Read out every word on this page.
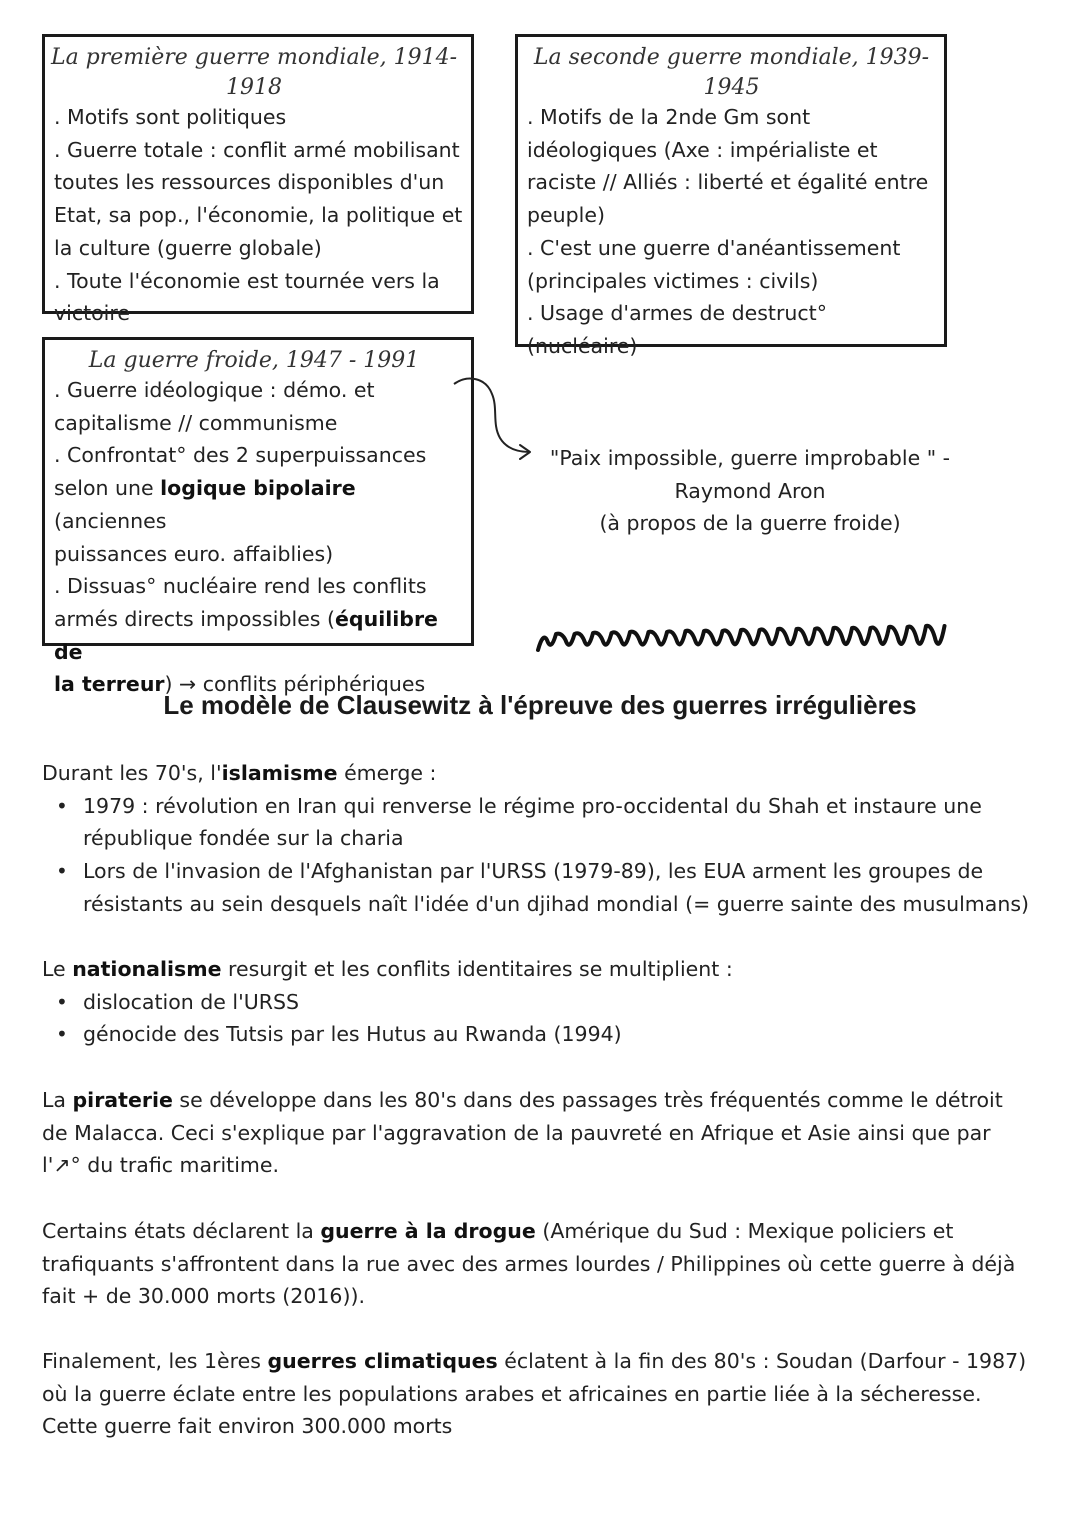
La première guerre mondiale, 1914-1918
. Motifs sont politiques
. Guerre totale : conflit armé mobilisant
toutes les ressources disponibles d'un
Etat, sa pop., l'économie, la politique et
la culture (guerre globale)
. Toute l'économie est tournée vers la
victoire
La seconde guerre mondiale, 1939-1945
. Motifs de la 2nde Gm sont
idéologiques (Axe : impérialiste et
raciste // Alliés : liberté et égalité entre
peuple)
. C'est une guerre d'anéantissement
(principales victimes : civils)
. Usage d'armes de destruct°
(nucléaire)
La guerre froide, 1947 - 1991
. Guerre idéologique : démo. et
capitalisme // communisme
. Confrontat° des 2 superpuissances
selon une logique bipolaire (anciennes
puissances euro. affaiblies)
. Dissuas° nucléaire rend les conflits
armés directs impossibles (équilibre de
la terreur) → conflits périphériques
"Paix impossible, guerre improbable " -
Raymond Aron
(à propos de la guerre froide)
Le modèle de Clausewitz à l'épreuve des guerres irrégulières

Durant les 70's, l'islamisme émerge :

• 1979 : révolution en Iran qui renverse le régime pro-occidental du Shah et instaure une république fondée sur la charia
• Lors de l'invasion de l'Afghanistan par l'URSS (1979-89), les EUA arment les groupes de résistants au sein desquels naît l'idée d'un djihad mondial (= guerre sainte des musulmans)

Le nationalisme resurgit et les conflits identitaires se multiplient :

• dislocation de l'URSS
• génocide des Tutsis par les Hutus au Rwanda (1994)

La piraterie se développe dans les 80's dans des passages très fréquentés comme le détroit de Malacca. Ceci s'explique par l'aggravation de la pauvreté en Afrique et Asie ainsi que par l'↗° du trafic maritime.

Certains états déclarent la guerre à la drogue (Amérique du Sud : Mexique policiers et trafiquants s'affrontent dans la rue avec des armes lourdes / Philippines où cette guerre à déjà fait + de 30.000 morts (2016)).

Finalement, les 1ères guerres climatiques éclatent à la fin des 80's : Soudan (Darfour - 1987) où la guerre éclate entre les populations arabes et africaines en partie liée à la sécheresse. Cette guerre fait environ 300.000 morts
